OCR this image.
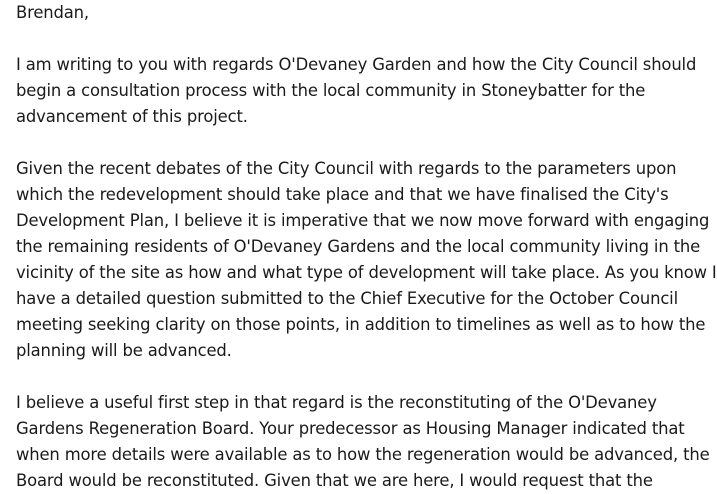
Brendan,
I am writing to you with regards O'Devaney Garden and how the City Council should
begin a consultation process with the local community in Stoneybatter for the
advancement of this project.
Given the recent debates of the City Council with regards to the parameters upon
which the redevelopment should take place and that we have finalised the City's
Development Plan, I believe it is imperative that we now move forward with engaging
the remaining residents of O'Devaney Gardens and the local community living in the
vicinity of the site as how and what type of development will take place. As you know I
have a detailed question submitted to the Chief Executive for the October Council
meeting seeking clarity on those points, in addition to timelines as well as to how the
planning will be advanced.
I believe a useful first step in that regard is the reconstituting of the O'Devaney
Gardens Regeneration Board. Your predecessor as Housing Manager indicated that
when more details were available as to how the regeneration would be advanced, the
Board would be reconstituted. Given that we are here, I would request that the
